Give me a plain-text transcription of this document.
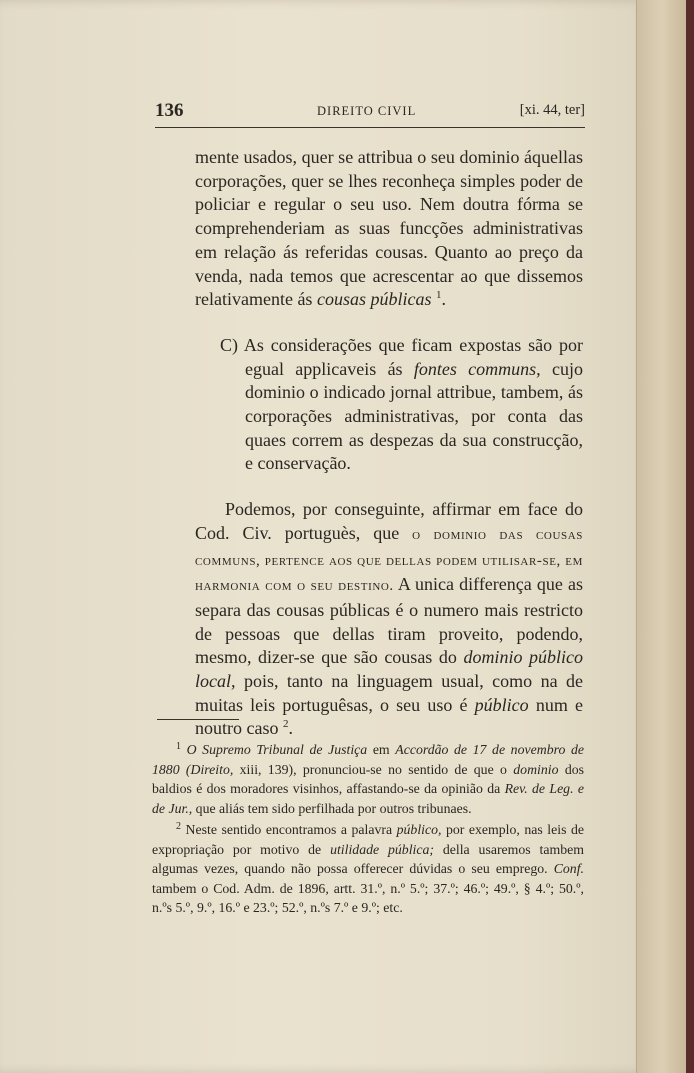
136	DIREITO CIVIL	[xi. 44, ter]

mente usados, quer se attribua o seu dominio áquellas corporações, quer se lhes reconheça simples poder de policiar e regular o seu uso. Nem doutra fórma se comprehenderiam as suas funcções administrativas em relação ás referidas cousas. Quanto ao preço da venda, nada temos que acrescentar ao que dissemos relativamente ás cousas públicas $^1$.

C) As considerações que ficam expostas são por egual applicaveis ás fontes communs, cujo dominio o indicado jornal attribue, tambem, ás corporações administrativas, por conta das quaes correm as despezas da sua construcção, e conservação.

Podemos, por conseguinte, affirmar em face do Cod. Civ. portuguès, que o dominio das cousas communs, pertence aos que dellas podem utilisar-se, em harmonia com o seu destino. A unica differença que as separa das cousas públicas é o numero mais restricto de pessoas que dellas tiram proveito, podendo, mesmo, dizer-se que são cousas do dominio público local, pois, tanto na linguagem usual, como na de muitas leis portuguêsas, o seu uso é público num e noutro caso $^2$.

$^1$ O Supremo Tribunal de Justiça em Accordão de 17 de novembro de 1880 (Direito, xiii, 139), pronunciou-se no sentido de que o dominio dos baldios é dos moradores visinhos, affastando-se da opinião da Rev. de Leg. e de Jur., que aliás tem sido perfilhada por outros tribunaes.

$^2$ Neste sentido encontramos a palavra público, por exemplo, nas leis de expropriação por motivo de utilidade pública; della usaremos tambem algumas vezes, quando não possa offerecer dúvidas o seu emprego. Conf. tambem o Cod. Adm. de 1896, artt. 31.º, n.º 5.º; 37.º; 46.º; 49.º, § 4.º; 50.º, n.ºs 5.º, 9.º, 16.º e 23.º; 52.º, n.ºs 7.º e 9.º; etc.
